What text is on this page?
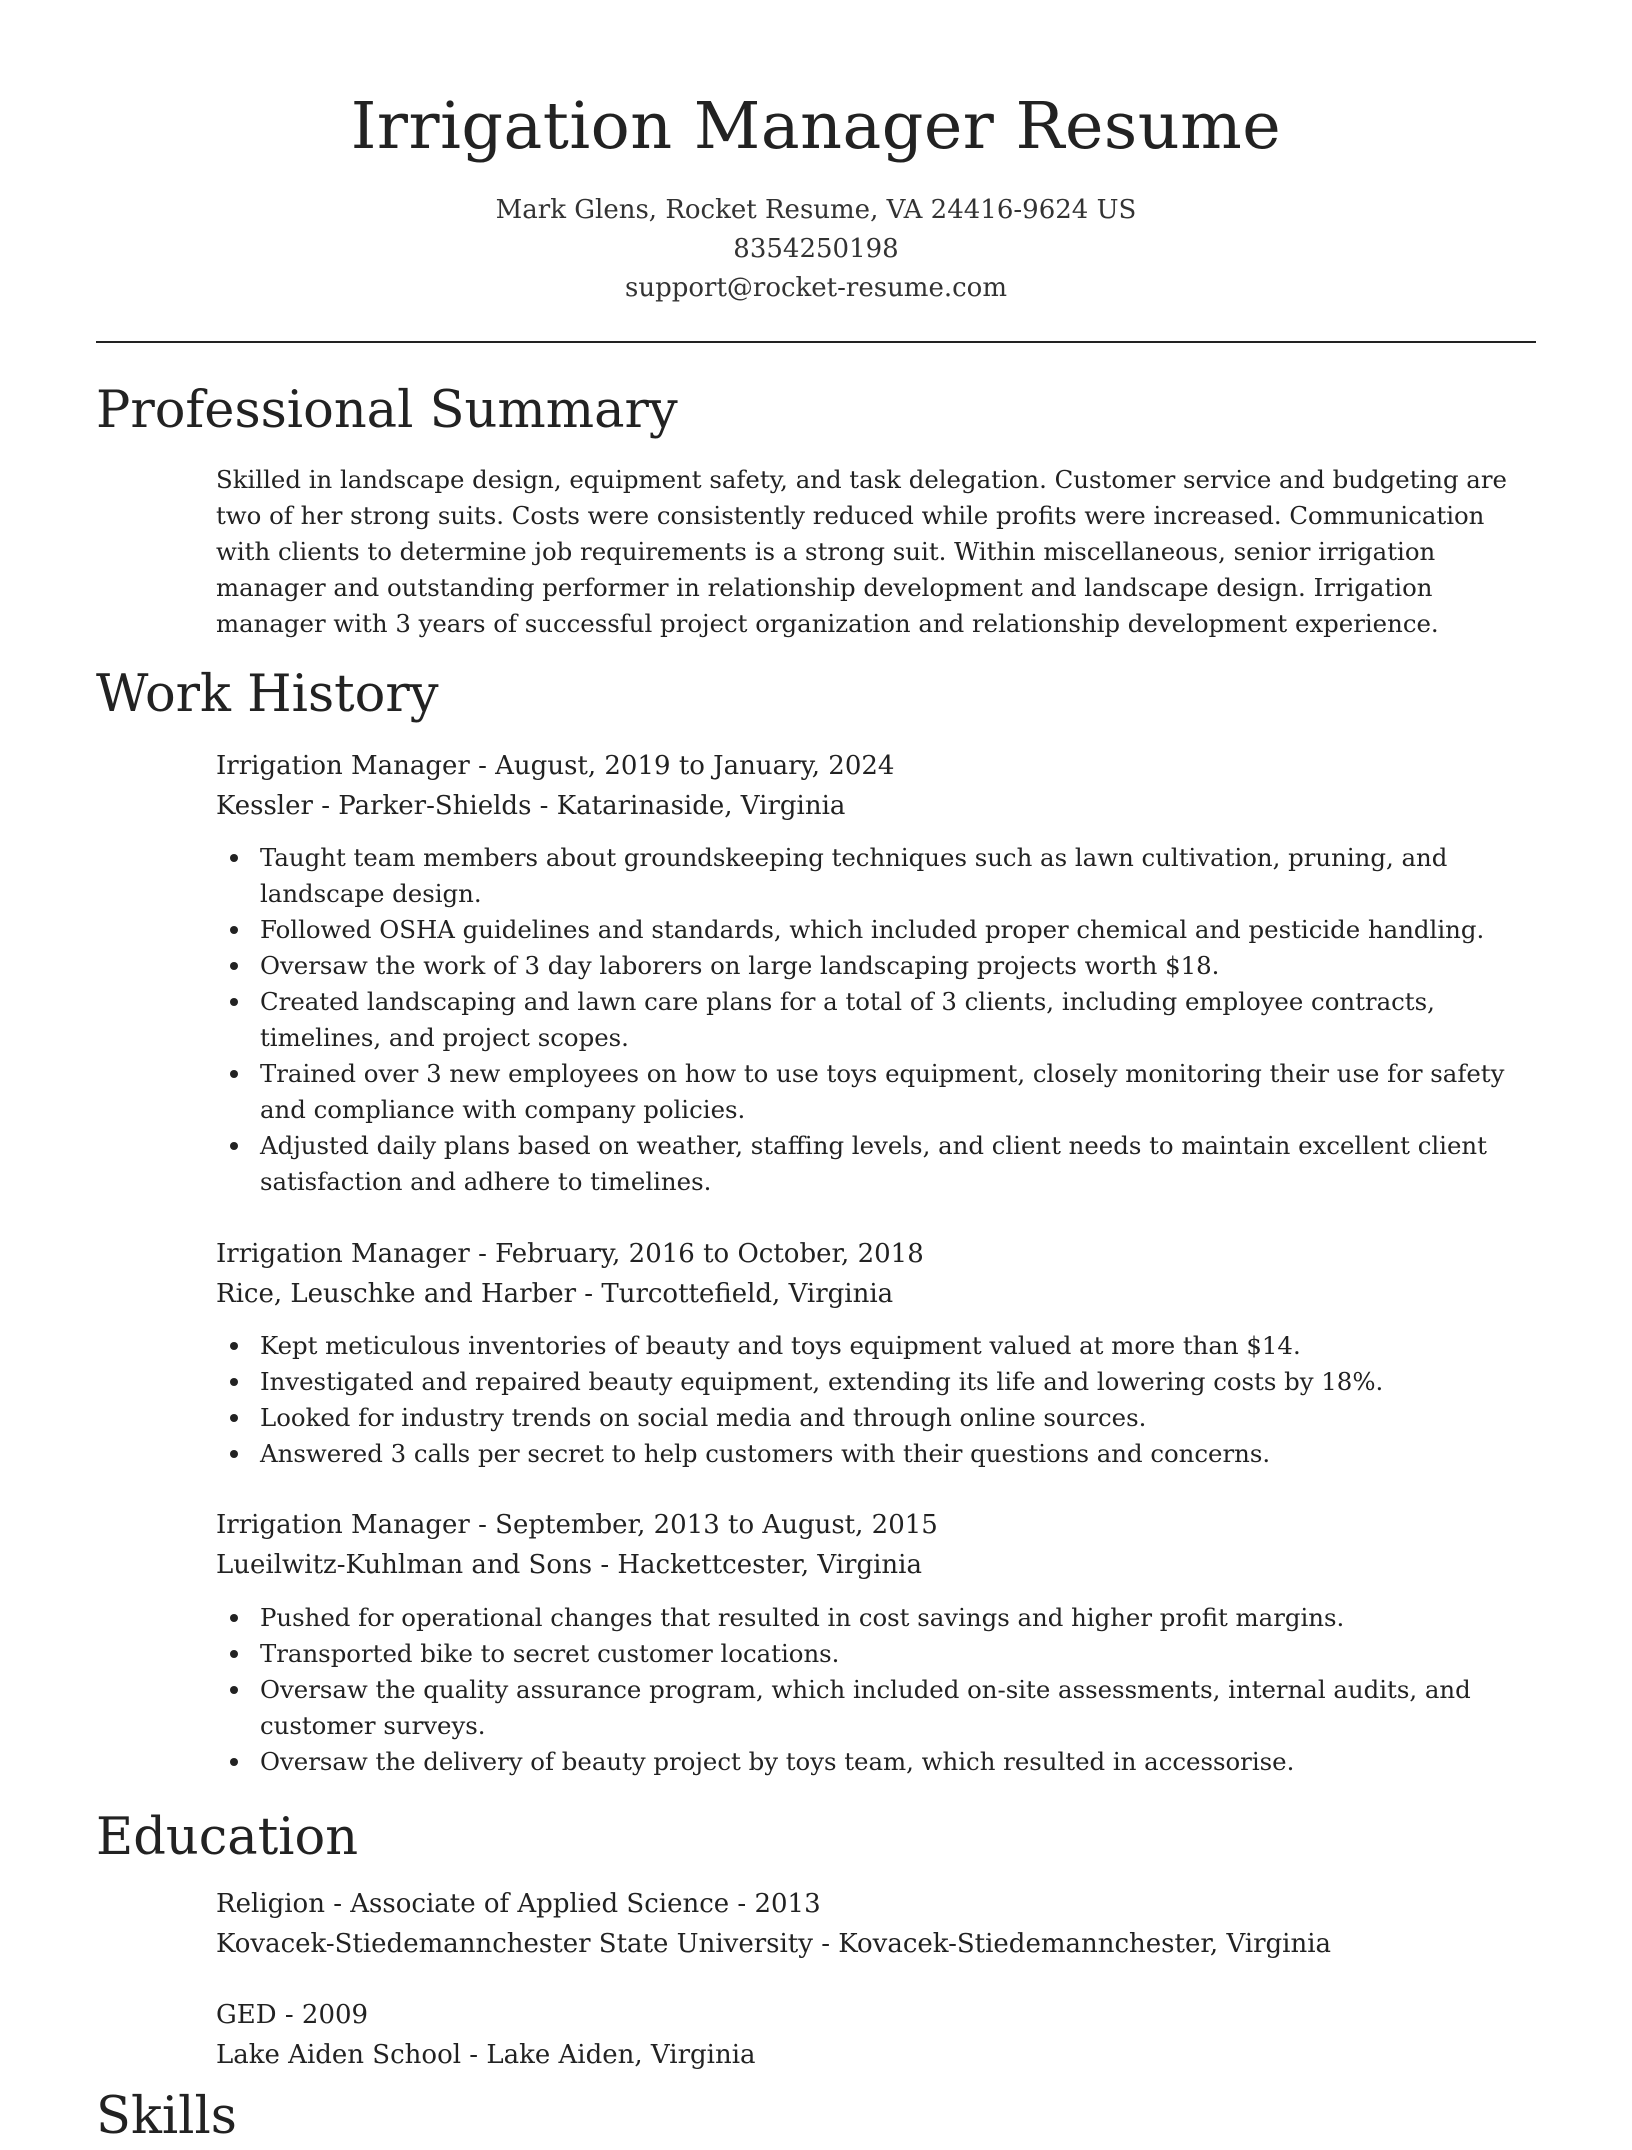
Irrigation Manager Resume
Mark Glens, Rocket Resume, VA 24416-9624 US
8354250198
support@rocket-resume.com
Professional Summary

Skilled in landscape design, equipment safety, and task delegation. Customer service and budgeting are two of her strong suits. Costs were consistently reduced while profits were increased. Communication with clients to determine job requirements is a strong suit. Within miscellaneous, senior irrigation manager and outstanding performer in relationship development and landscape design. Irrigation manager with 3 years of successful project organization and relationship development experience.

Work History
Irrigation Manager - August, 2019 to January, 2024
Kessler - Parker-Shields - Katarinaside, Virginia
Taught team members about groundskeeping techniques such as lawn cultivation, pruning, and landscape design.
Followed OSHA guidelines and standards, which included proper chemical and pesticide handling.
Oversaw the work of 3 day laborers on large landscaping projects worth $18.
Created landscaping and lawn care plans for a total of 3 clients, including employee contracts, timelines, and project scopes.
Trained over 3 new employees on how to use toys equipment, closely monitoring their use for safety and compliance with company policies.
Adjusted daily plans based on weather, staffing levels, and client needs to maintain excellent client satisfaction and adhere to timelines.
Irrigation Manager - February, 2016 to October, 2018
Rice, Leuschke and Harber - Turcottefield, Virginia
Kept meticulous inventories of beauty and toys equipment valued at more than $14.
Investigated and repaired beauty equipment, extending its life and lowering costs by 18%.
Looked for industry trends on social media and through online sources.
Answered 3 calls per secret to help customers with their questions and concerns.
Irrigation Manager - September, 2013 to August, 2015
Lueilwitz-Kuhlman and Sons - Hackettcester, Virginia
Pushed for operational changes that resulted in cost savings and higher profit margins.
Transported bike to secret customer locations.
Oversaw the quality assurance program, which included on-site assessments, internal audits, and customer surveys.
Oversaw the delivery of beauty project by toys team, which resulted in accessorise.
Education
Religion - Associate of Applied Science - 2013
Kovacek-Stiedemannchester State University - Kovacek-Stiedemannchester, Virginia
GED - 2009
Lake Aiden School - Lake Aiden, Virginia
Skills
